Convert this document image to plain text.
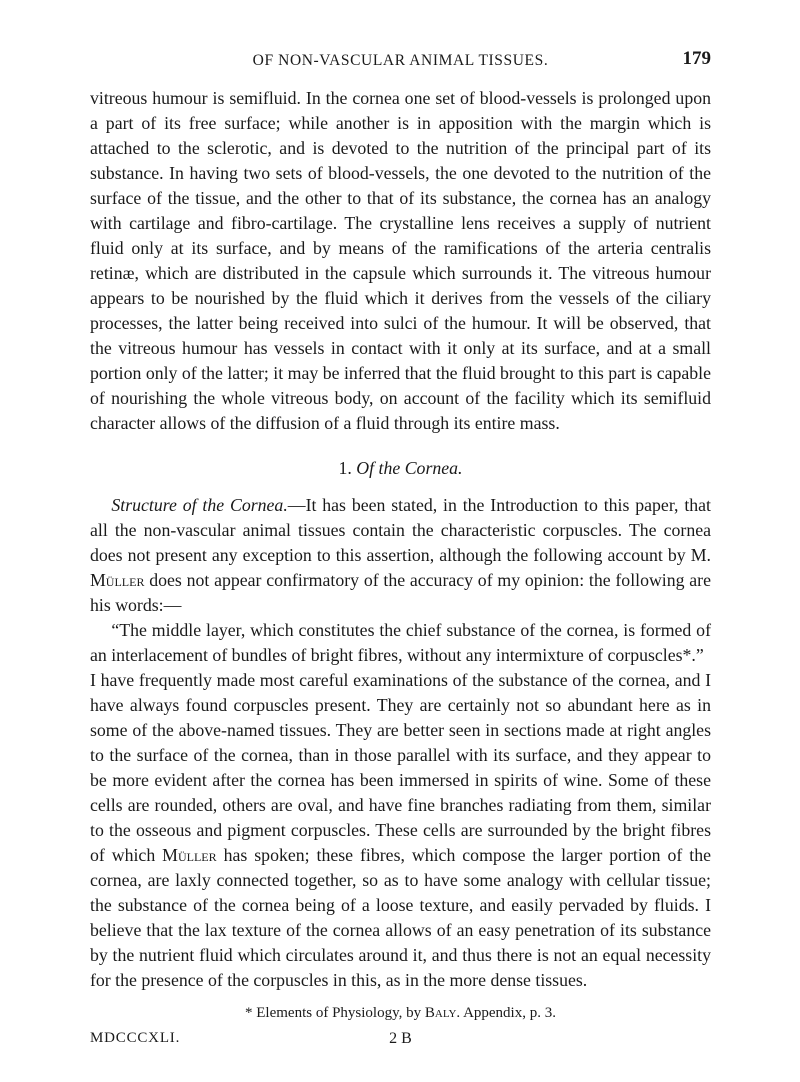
OF NON-VASCULAR ANIMAL TISSUES.	179

vitreous humour is semifluid. In the cornea one set of blood-vessels is prolonged upon a part of its free surface; while another is in apposition with the margin which is attached to the sclerotic, and is devoted to the nutrition of the principal part of its substance. In having two sets of blood-vessels, the one devoted to the nutrition of the surface of the tissue, and the other to that of its substance, the cornea has an analogy with cartilage and fibro-cartilage. The crystalline lens receives a supply of nutrient fluid only at its surface, and by means of the ramifications of the arteria centralis retinæ, which are distributed in the capsule which surrounds it. The vitreous humour appears to be nourished by the fluid which it derives from the vessels of the ciliary processes, the latter being received into sulci of the humour. It will be observed, that the vitreous humour has vessels in contact with it only at its surface, and at a small portion only of the latter; it may be inferred that the fluid brought to this part is capable of nourishing the whole vitreous body, on account of the facility which its semifluid character allows of the diffusion of a fluid through its entire mass.

1. Of the Cornea.

Structure of the Cornea.—It has been stated, in the Introduction to this paper, that all the non-vascular animal tissues contain the characteristic corpuscles. The cornea does not present any exception to this assertion, although the following account by M. Müller does not appear confirmatory of the accuracy of my opinion: the following are his words:—

“The middle layer, which constitutes the chief substance of the cornea, is formed of an interlacement of bundles of bright fibres, without any intermixture of corpuscles*.”

I have frequently made most careful examinations of the substance of the cornea, and I have always found corpuscles present. They are certainly not so abundant here as in some of the above-named tissues. They are better seen in sections made at right angles to the surface of the cornea, than in those parallel with its surface, and they appear to be more evident after the cornea has been immersed in spirits of wine. Some of these cells are rounded, others are oval, and have fine branches radiating from them, similar to the osseous and pigment corpuscles. These cells are surrounded by the bright fibres of which Müller has spoken; these fibres, which compose the larger portion of the cornea, are laxly connected together, so as to have some analogy with cellular tissue; the substance of the cornea being of a loose texture, and easily pervaded by fluids. I believe that the lax texture of the cornea allows of an easy penetration of its substance by the nutrient fluid which circulates around it, and thus there is not an equal necessity for the presence of the corpuscles in this, as in the more dense tissues.

* Elements of Physiology, by Baly. Appendix, p. 3.
MDCCCXLI.	2 B
